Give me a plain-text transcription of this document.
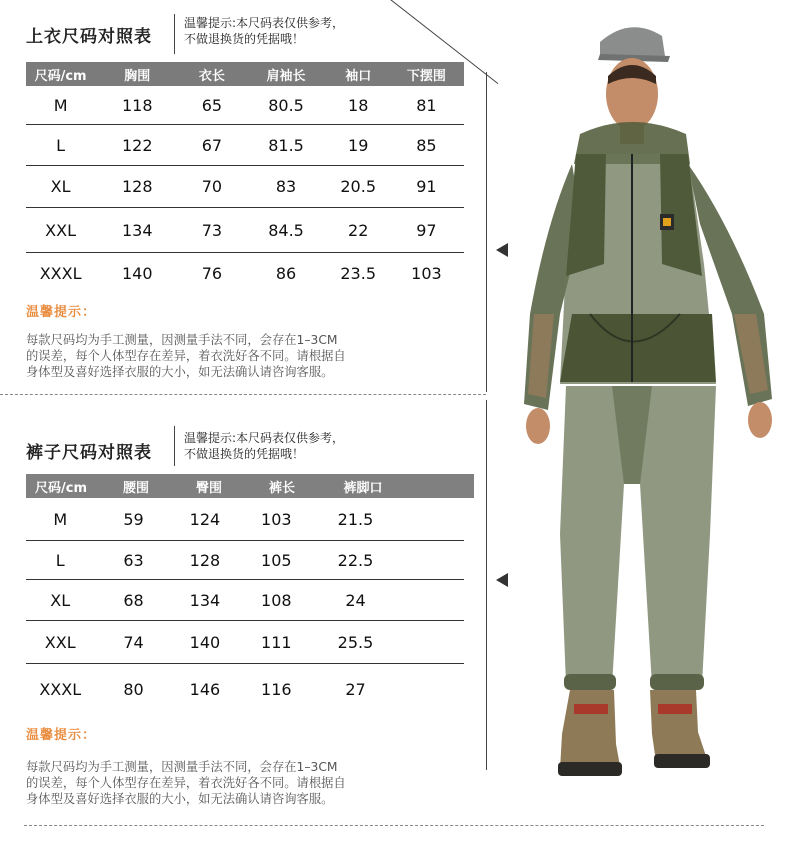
上衣尺码对照表
温馨提示:本尺码表仅供参考，
不做退换货的凭据哦！
尺码/cm	胸围	衣长	肩袖长	袖口	下摆围
M	118	65	80.5	18	81
L	122	67	81.5	19	85
XL	128	70	83	20.5	91
XXL	134	73	84.5	22	97
XXXL	140	76	86	23.5	103
温馨提示：
每款尺码均为手工测量，因测量手法不同，会存在1–3CM
的误差，每个人体型存在差异，着衣洗好各不同。请根据自
身体型及喜好选择衣服的大小，如无法确认请咨询客服。
裤子尺码对照表
温馨提示:本尺码表仅供参考，
不做退换货的凭据哦！
尺码/cm	腰围	臀围	裤长	裤脚口
M	59	124	103	21.5
L	63	128	105	22.5
XL	68	134	108	24
XXL	74	140	111	25.5
XXXL	80	146	116	27
温馨提示：
每款尺码均为手工测量，因测量手法不同，会存在1–3CM
的误差，每个人体型存在差异，着衣洗好各不同。请根据自
身体型及喜好选择衣服的大小，如无法确认请咨询客服。
